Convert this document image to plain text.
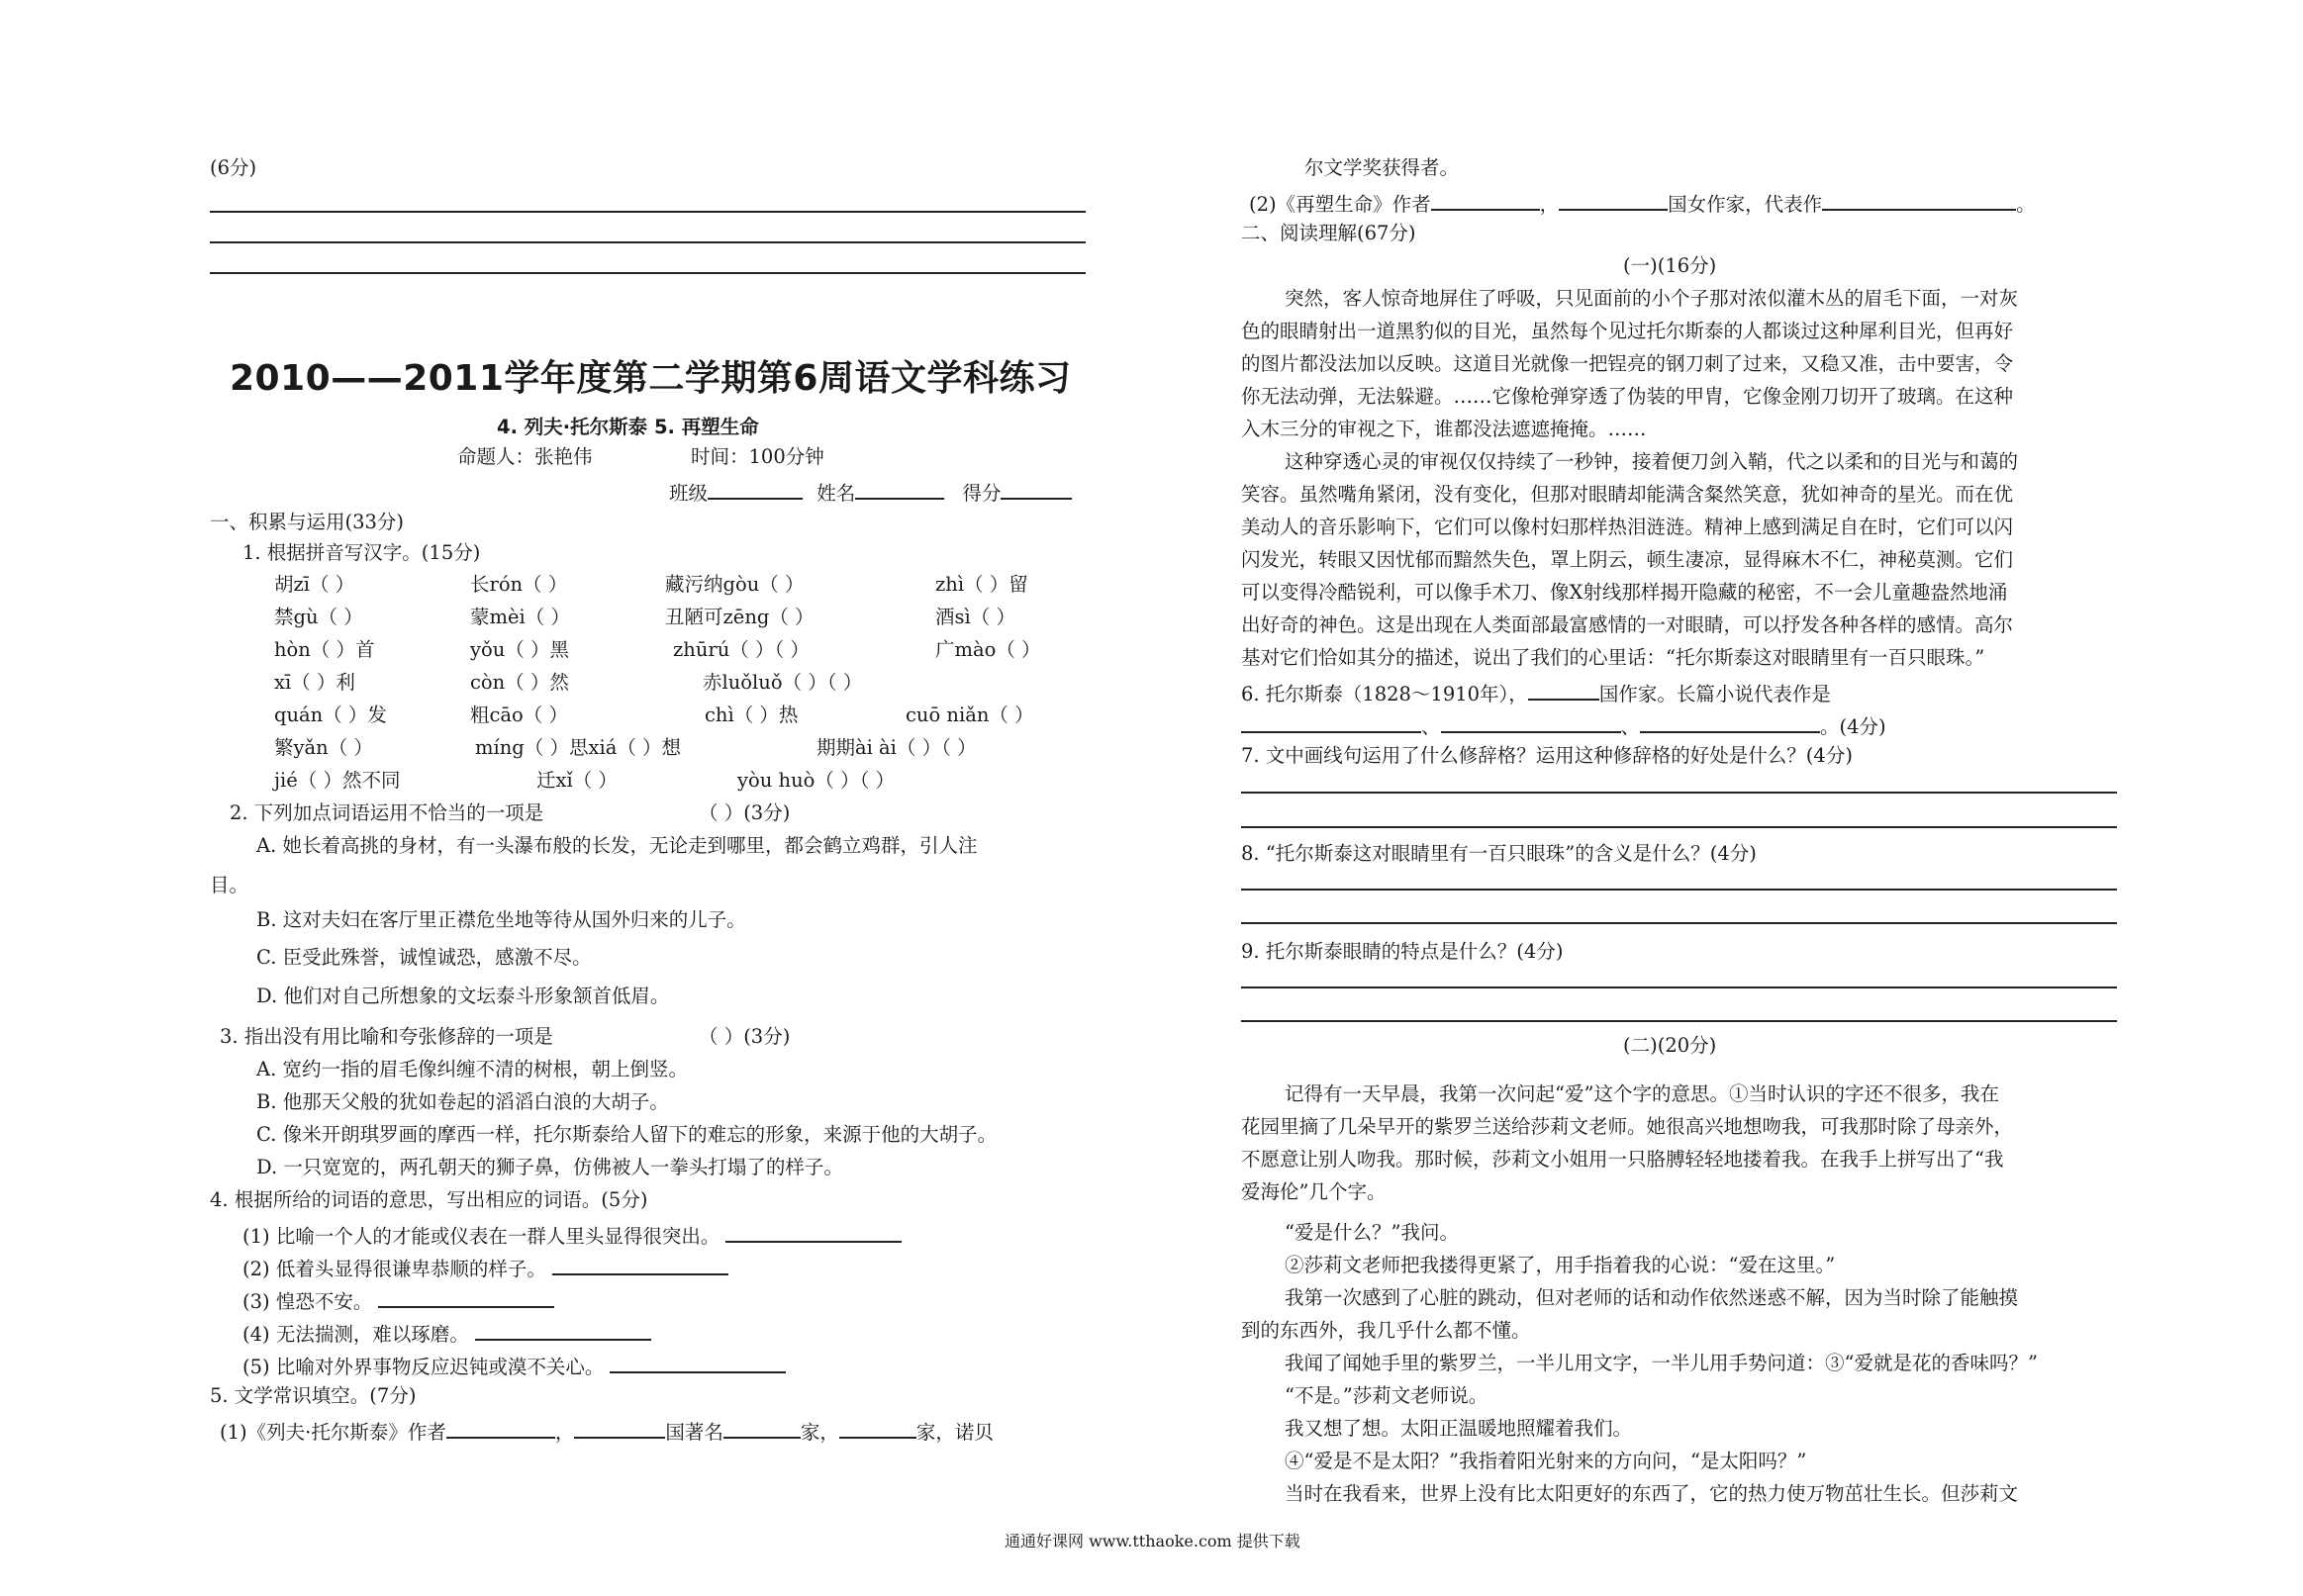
(6分)
2010——2011学年度第二学期第6周语文学科练习
4. 列夫·托尔斯泰 5. 再塑生命
命题人：张艳伟	时间：100分钟
班级	姓名	得分
一、积累与运用(33分)
1. 根据拼音写汉字。(15分)
胡zī（ ）	长rón（ ）	藏污纳gòu（ ）	zhì（ ）留
禁gù（ ）	蒙mèi（ ）	丑陋可zēng（ ）	酒sì（ ）
hòn（ ）首	yǒu（ ）黑	zhūrú（ ）（ ）	广mào（ ）
xī（ ）利	còn（ ）然	赤luǒluǒ（ ）（ ）
quán（ ）发	粗cāo（ ）	chì（ ）热	cuō niǎn（ ）
繁yǎn（ ）	míng（ ）思xiá（ ）想	期期ài ài（ ）（ ）
jié（ ）然不同	迁xǐ（ ）	yòu huò（ ）（ ）
2. 下列加点词语运用不恰当的一项是	（ ）(3分)
A. 她长着高挑的身材，有一头瀑布般的长发，无论走到哪里，都会鹤立鸡群，引人注
目。
B. 这对夫妇在客厅里正襟危坐地等待从国外归来的儿子。
C. 臣受此殊誉，诚惶诚恐，感激不尽。
D. 他们对自己所想象的文坛泰斗形象颔首低眉。
3. 指出没有用比喻和夸张修辞的一项是	（ ）(3分)
A. 宽约一指的眉毛像纠缠不清的树根，朝上倒竖。
B. 他那天父般的犹如卷起的滔滔白浪的大胡子。
C. 像米开朗琪罗画的摩西一样，托尔斯泰给人留下的难忘的形象，来源于他的大胡子。
D. 一只宽宽的，两孔朝天的狮子鼻，仿佛被人一拳头打塌了的样子。
4. 根据所给的词语的意思，写出相应的词语。(5分)
(1) 比喻一个人的才能或仪表在一群人里头显得很突出。
(2) 低着头显得很谦卑恭顺的样子。
(3) 惶恐不安。
(4) 无法揣测，难以琢磨。
(5) 比喻对外界事物反应迟钝或漠不关心。
5. 文学常识填空。(7分)
(1)《列夫·托尔斯泰》作者	，	国著名	家，	家，诺贝
尔文学奖获得者。
(2)《再塑生命》作者	，	国女作家，代表作	。
二、阅读理解(67分)
(一)(16分)
突然，客人惊奇地屏住了呼吸，只见面前的小个子那对浓似灌木丛的眉毛下面，一对灰
色的眼睛射出一道黑豹似的目光，虽然每个见过托尔斯泰的人都谈过这种犀利目光，但再好
的图片都没法加以反映。这道目光就像一把锃亮的钢刀刺了过来，又稳又准，击中要害，令
你无法动弹，无法躲避。……它像枪弹穿透了伪装的甲胄，它像金刚刀切开了玻璃。在这种
入木三分的审视之下，谁都没法遮遮掩掩。……
这种穿透心灵的审视仅仅持续了一秒钟，接着便刀剑入鞘，代之以柔和的目光与和蔼的
笑容。虽然嘴角紧闭，没有变化，但那对眼睛却能满含粲然笑意，犹如神奇的星光。而在优
美动人的音乐影响下，它们可以像村妇那样热泪涟涟。精神上感到满足自在时，它们可以闪
闪发光，转眼又因忧郁而黯然失色，罩上阴云，顿生凄凉，显得麻木不仁，神秘莫测。它们
可以变得冷酷锐利，可以像手术刀、像X射线那样揭开隐藏的秘密，不一会儿童趣盎然地涌
出好奇的神色。这是出现在人类面部最富感情的一对眼睛，可以抒发各种各样的感情。高尔
基对它们恰如其分的描述，说出了我们的心里话：“托尔斯泰这对眼睛里有一百只眼珠。”
6. 托尔斯泰（1828～1910年），	国作家。长篇小说代表作是
、	、	。(4分)
7. 文中画线句运用了什么修辞格？运用这种修辞格的好处是什么？(4分)
8. “托尔斯泰这对眼睛里有一百只眼珠”的含义是什么？(4分)
9. 托尔斯泰眼睛的特点是什么？(4分)
(二)(20分)
记得有一天早晨，我第一次问起“爱”这个字的意思。①当时认识的字还不很多，我在
花园里摘了几朵早开的紫罗兰送给莎莉文老师。她很高兴地想吻我，可我那时除了母亲外，
不愿意让别人吻我。那时候，莎莉文小姐用一只胳膊轻轻地搂着我。在我手上拼写出了“我
爱海伦”几个字。
“爱是什么？”我问。
②莎莉文老师把我搂得更紧了，用手指着我的心说：“爱在这里。”
我第一次感到了心脏的跳动，但对老师的话和动作依然迷惑不解，因为当时除了能触摸
到的东西外，我几乎什么都不懂。
我闻了闻她手里的紫罗兰，一半儿用文字，一半儿用手势问道：③“爱就是花的香味吗？”
“不是。”莎莉文老师说。
我又想了想。太阳正温暖地照耀着我们。
④“爱是不是太阳？”我指着阳光射来的方向问，“是太阳吗？”
当时在我看来，世界上没有比太阳更好的东西了，它的热力使万物茁壮生长。但莎莉文
通通好课网 www.tthaoke.com 提供下载
